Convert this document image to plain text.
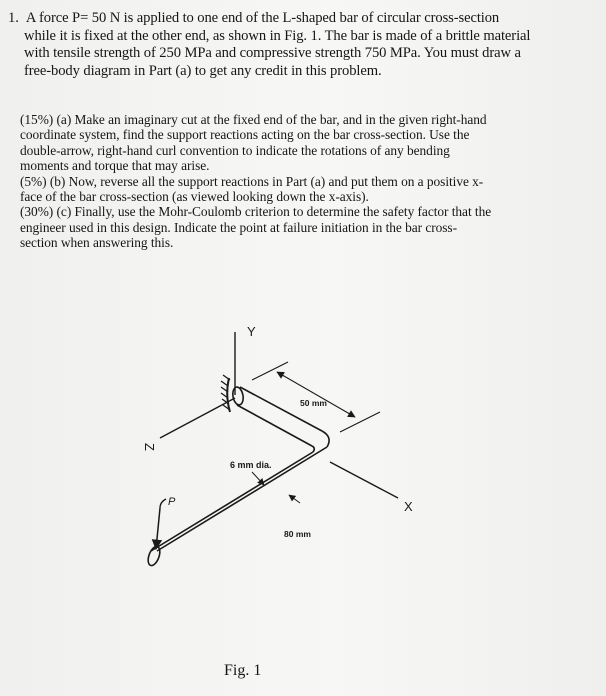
1. A force P= 50 N is applied to one end of the L-shaped bar of circular cross-section
while it is fixed at the other end, as shown in Fig. 1. The bar is made of a brittle material
with tensile strength of 250 MPa and compressive strength 750 MPa. You must draw a
free-body diagram in Part (a) to get any credit in this problem.
(15%) (a) Make an imaginary cut at the fixed end of the bar, and in the given right-hand
coordinate system, find the support reactions acting on the bar cross-section. Use the
double-arrow, right-hand curl convention to indicate the rotations of any bending
moments and torque that may arise.
(5%) (b) Now, reverse all the support reactions in Part (a) and put them on a positive x-
face of the bar cross-section (as viewed looking down the x-axis).
(30%) (c) Finally, use the Mohr-Coulomb criterion to determine the safety factor that the
engineer used in this design. Indicate the point at failure initiation in the bar cross-
section when answering this.
Y
Z
X
P
50 mm
6 mm dia.
80 mm
Fig. 1
